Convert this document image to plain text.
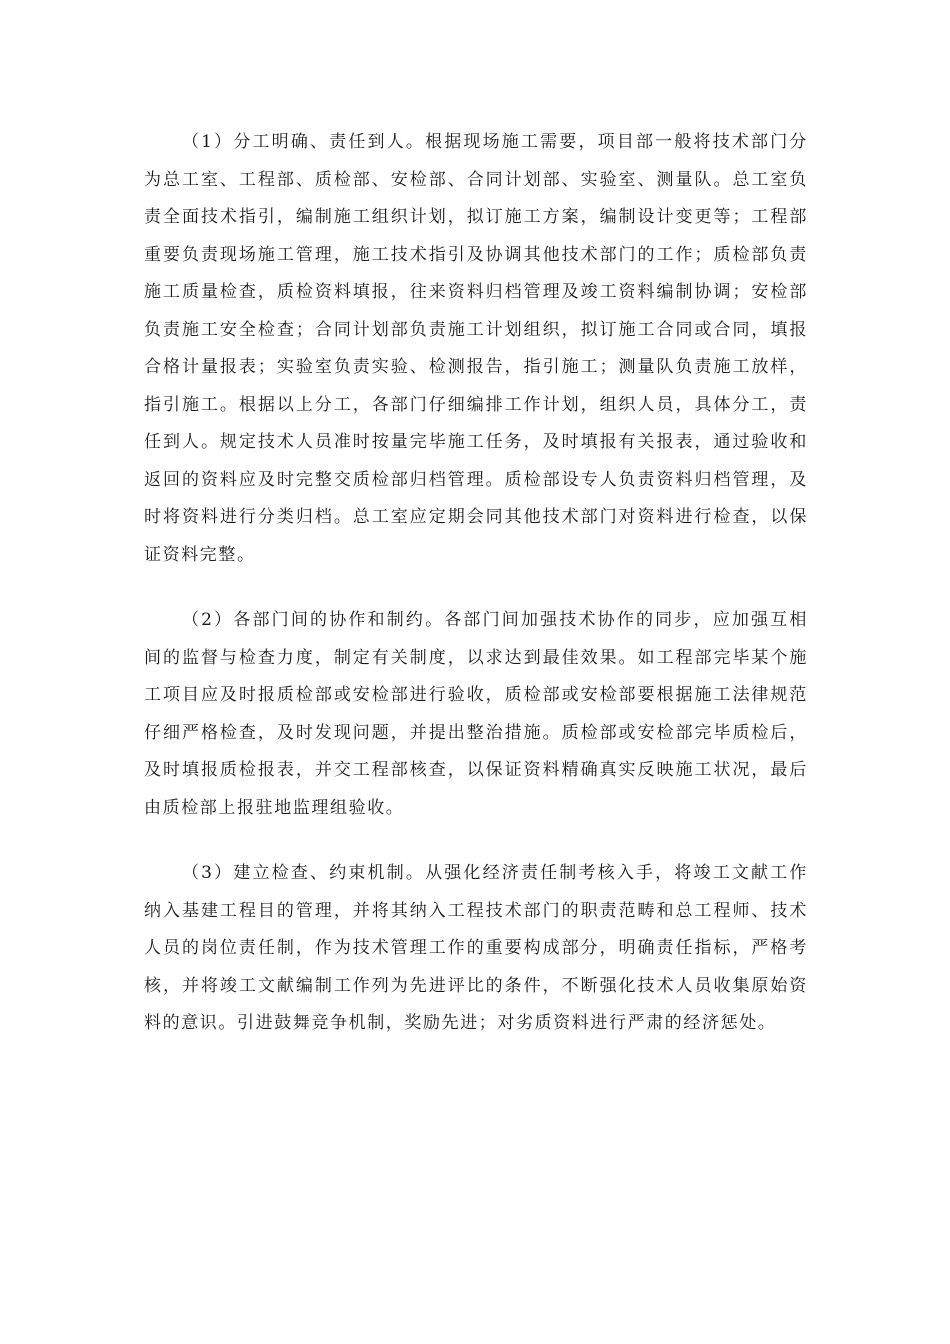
（1）分工明确、责任到人。根据现场施工需要，项目部一般将技术部门分为总工室、工程部、质检部、安检部、合同计划部、实验室、测量队。总工室负责全面技术指引，编制施工组织计划，拟订施工方案，编制设计变更等；工程部重要负责现场施工管理，施工技术指引及协调其他技术部门的工作；质检部负责施工质量检查，质检资料填报，往来资料归档管理及竣工资料编制协调；安检部负责施工安全检查；合同计划部负责施工计划组织，拟订施工合同或合同，填报合格计量报表；实验室负责实验、检测报告，指引施工；测量队负责施工放样，指引施工。根据以上分工，各部门仔细编排工作计划，组织人员，具体分工，责任到人。规定技术人员准时按量完毕施工任务，及时填报有关报表，通过验收和返回的资料应及时完整交质检部归档管理。质检部设专人负责资料归档管理，及时将资料进行分类归档。总工室应定期会同其他技术部门对资料进行检查，以保证资料完整。

（2）各部门间的协作和制约。各部门间加强技术协作的同步，应加强互相间的监督与检查力度，制定有关制度，以求达到最佳效果。如工程部完毕某个施工项目应及时报质检部或安检部进行验收，质检部或安检部要根据施工法律规范仔细严格检查，及时发现问题，并提出整治措施。质检部或安检部完毕质检后，及时填报质检报表，并交工程部核查，以保证资料精确真实反映施工状况，最后由质检部上报驻地监理组验收。

（3）建立检查、约束机制。从强化经济责任制考核入手，将竣工文献工作纳入基建工程目的管理，并将其纳入工程技术部门的职责范畴和总工程师、技术人员的岗位责任制，作为技术管理工作的重要构成部分，明确责任指标，严格考核，并将竣工文献编制工作列为先进评比的条件，不断强化技术人员收集原始资料的意识。引进鼓舞竞争机制，奖励先进；对劣质资料进行严肃的经济惩处。
